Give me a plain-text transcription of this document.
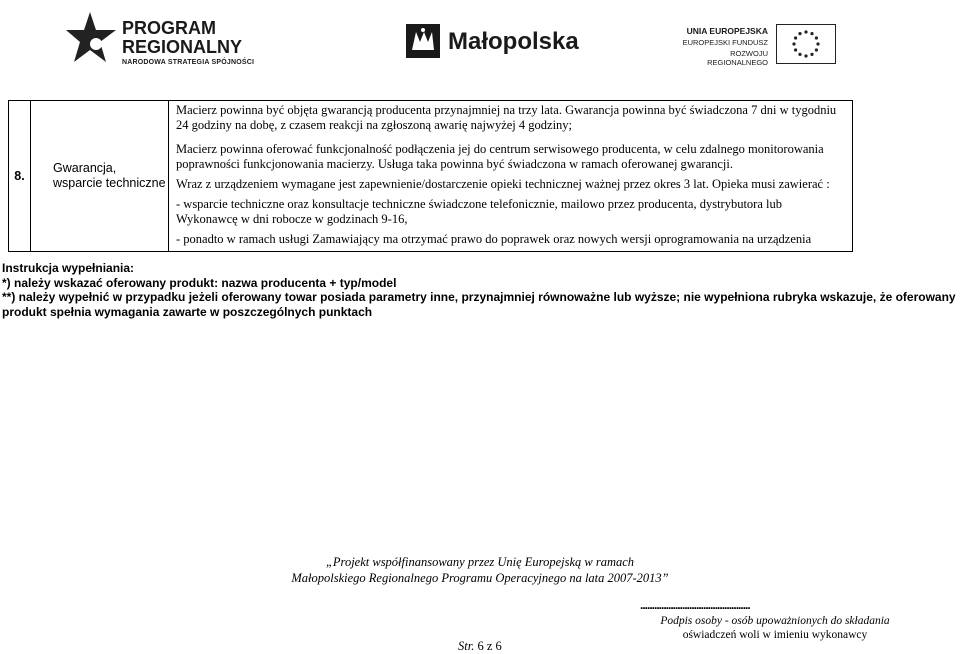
PROGRAM
REGIONALNY
NARODOWA STRATEGIA SPÓJNOŚCI
Małopolska	UNIA EUROPEJSKA
EUROPEJSKI FUNDUSZ
ROZWOJU REGIONALNEGO
8.	Gwarancja, wsparcie techniczne	

Macierz powinna być objęta gwarancją producenta przynajmniej na trzy lata. Gwarancja powinna być świadczona 7 dni w tygodniu 24 godziny na dobę, z czasem reakcji na zgłoszoną awarię najwyżej 4 godziny;

Macierz powinna oferować funkcjonalność podłączenia jej do centrum serwisowego producenta, w celu zdalnego monitorowania poprawności funkcjonowania macierzy. Usługa taka powinna być świadczona w ramach oferowanej gwarancji.

Wraz z urządzeniem wymagane jest zapewnienie/dostarczenie opieki technicznej ważnej przez okres 3 lat. Opieka musi zawierać :

- wsparcie techniczne oraz konsultacje techniczne świadczone telefonicznie, mailowo przez producenta, dystrybutora lub Wykonawcę w dni robocze w godzinach 9-16,

- ponadto w ramach usługi Zamawiający ma otrzymać prawo do poprawek oraz nowych wersji oprogramowania na urządzenia

Instrukcja wypełniania:
*) należy wskazać oferowany produkt: nazwa producenta + typ/model
**) należy wypełnić w przypadku jeżeli oferowany towar posiada parametry inne, przynajmniej równoważne lub wyższe; nie wypełniona rubryka wskazuje, że oferowany produkt spełnia wymagania zawarte w poszczególnych punktach
„Projekt współfinansowany przez Unię Europejską w ramach
Małopolskiego Regionalnego Programu Operacyjnego na lata 2007-2013”
...............................................
Podpis osoby - osób upoważnionych do składania
oświadczeń woli w imieniu wykonawcy
Str. 6 z 6
